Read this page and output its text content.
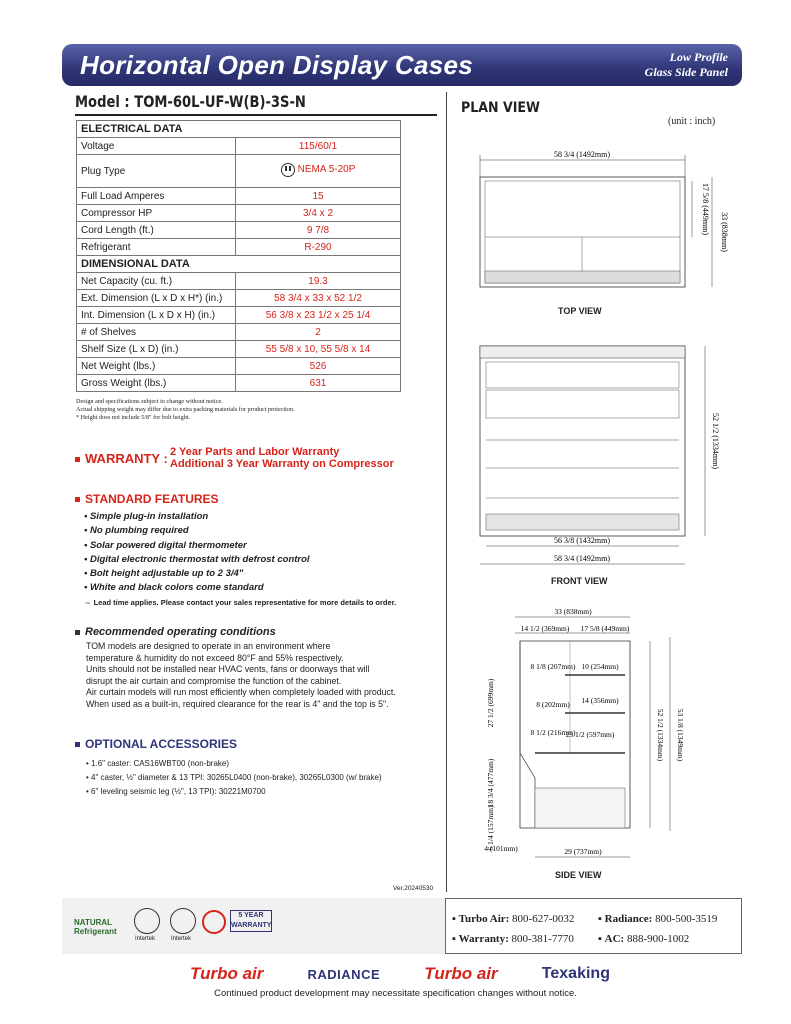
Horizontal Open Display Cases	Low Profile
Glass Side Panel
Model : TOM-60L-UF-W(B)-3S-N
ELECTRICAL DATA	
Voltage	115/60/1
Plug Type	NEMA 5-20P

Full Load Amperes	15
Compressor HP	3/4 x 2
Cord Length (ft.)	9 7/8
Refrigerant	R-290
DIMENSIONAL DATA	
Net Capacity (cu. ft.)	19.3
Ext. Dimension (L x D x H*) (in.)	58 3/4 x 33 x 52 1/2
Int. Dimension (L x D x H) (in.)	56 3/8 x 23 1/2 x 25 1/4
# of Shelves	2
Shelf Size (L x D) (in.)	55 5/8 x 10, 55 5/8 x 14
Net Weight (lbs.)	526
Gross Weight (lbs.)	631
Design and specifications subject to change without notice.
Actual shipping weight may differ due to extra packing materials for product protection.
* Height does not include 5/8" for bolt height.
WARRANTY : 2 Year Parts and Labor Warranty
Additional 3 Year Warranty on Compressor
STANDARD FEATURES
• Simple plug-in installation
• No plumbing required
• Solar powered digital thermometer
• Digital electronic thermostat with defrost control
• Bolt height adjustable up to 2 3/4"
• White and black colors come standard
⇔ Lead time applies. Please contact your sales representative for more details to order.
Recommended operating conditions
TOM models are designed to operate in an environment where
temperature & humidity do not exceed 80°F and 55% respectively.
Units should not be installed near HVAC vents, fans or doorways that will
disrupt the air curtain and compromise the function of the cabinet.
Air curtain models will run most efficiently when completely loaded with product.
When used as a built-in, required clearance for the rear is 4" and the top is 5".
OPTIONAL ACCESSORIES
• 1.6" caster: CAS16WBT00 (non-brake)
• 4" caster, ½" diameter & 13 TPI: 30265L0400 (non-brake), 30265L0300 (w/ brake)
• 6" leveling seismic leg (½", 13 TPI): 30221M0700
Ver.20240530
PLAN VIEW
(unit : inch)
58 3/4 (1492mm)
17 5/8 (449mm) 33 (838mm)
TOP VIEW
52 1/2 (1334mm)
56 3/8 (1432mm)
58 3/4 (1492mm)
FRONT VIEW
33 (838mm)
14 1/2 (369mm) 17 5/8 (449mm)
8 1/8 (207mm) 10 (254mm)
8 (202mm) 14 (356mm)
8 1/2 (216mm)
23 1/2 (597mm)
27 1/2 (699mm)
18 3/4 (477mm)
6 1/4 (157mm)
4 (101mm)	29 (737mm)
52 1/2 (1334mm) 53 1/8 (1349mm)
SIDE VIEW
NATURAL
Refrigerant
Intertek	Intertek
5 YEAR
WARRANTY
▪ Turbo Air: 800-627-0032	▪ Radiance: 800-500-3519
▪ Warranty: 800-381-7770	▪ AC: 888-900-1002
Turbo air	RADIANCE	Turbo air	Texaking
Continued product development may necessitate specification changes without notice.
